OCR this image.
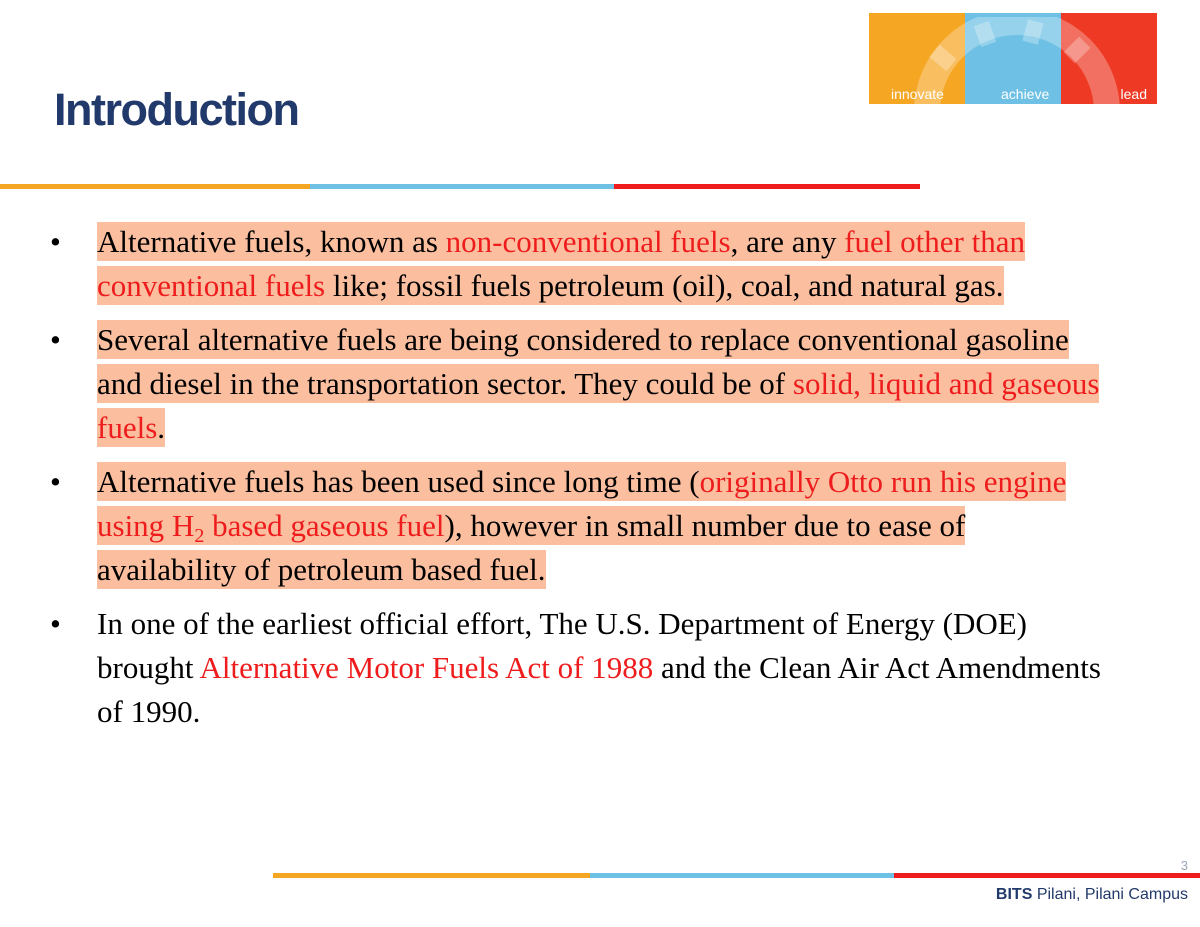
innovate	achieve	lead
Introduction
• Alternative fuels, known as non-conventional fuels, are any fuel other than conventional fuels like; fossil fuels petroleum (oil), coal, and natural gas.
• Several alternative fuels are being considered to replace conventional gasoline and diesel in the transportation sector. They could be of solid, liquid and gaseous fuels.
• Alternative fuels has been used since long time (originally Otto run his engine using $H_2$ based gaseous fuel), however in small number due to ease of availability of petroleum based fuel.
• In one of the earliest official effort, The U.S. Department of Energy (DOE) brought Alternative Motor Fuels Act of 1988 and the Clean Air Act Amendments of 1990.
3
BITS Pilani, Pilani Campus
